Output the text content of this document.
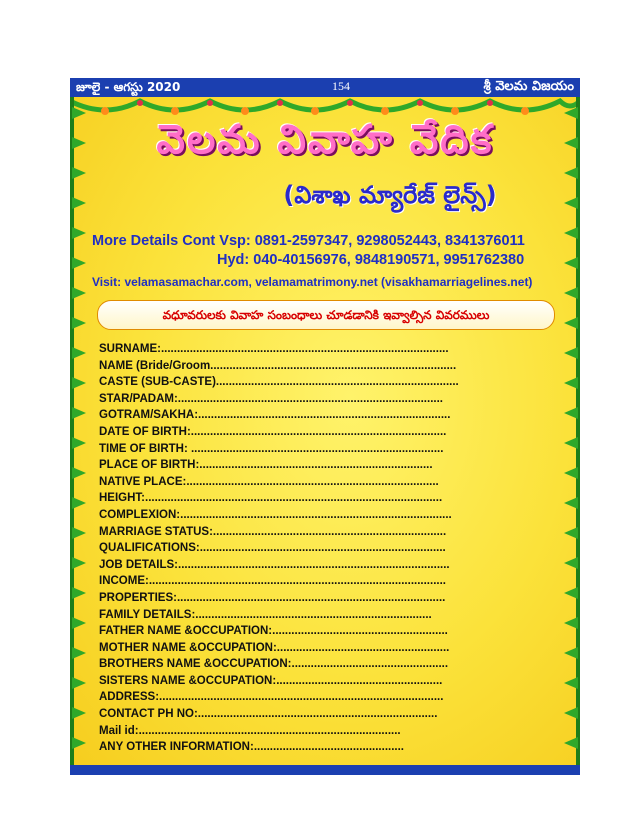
జూలై - ఆగస్టు 2020	154	శ్రీ వెలమ విజయం
వెలమ వివాహ వేదిక
(విశాఖ మ్యారేజ్ లైన్స్)
More Details Cont Vsp: 0891-2597347, 9298052443, 8341376011
Hyd: 040-40156976, 9848190571, 9951762380
Visit: velamasamachar.com, velamamatrimony.net (visakhamarriagelines.net)
వధూవరులకు వివాహ సంబంధాలు చూడడానికి ఇవ్వాల్సిన వివరములు
SURNAME:..........................................................................................
NAME (Bride/Groom.............................................................................
CASTE (SUB-CASTE)............................................................................
STAR/PADAM:...................................................................................
GOTRAM/SAKHA:...............................................................................
DATE OF BIRTH:................................................................................
TIME OF BIRTH: ...............................................................................
PLACE OF BIRTH:.........................................................................
NATIVE PLACE:...............................................................................
HEIGHT:.............................................................................................
COMPLEXION:.....................................................................................
MARRIAGE STATUS:.........................................................................
QUALIFICATIONS:.............................................................................
JOB DETAILS:.....................................................................................
INCOME:.............................................................................................
PROPERTIES:....................................................................................
FAMILY DETAILS:..........................................................................
FATHER NAME &OCCUPATION:.......................................................
MOTHER NAME &OCCUPATION:......................................................
BROTHERS NAME &OCCUPATION:.................................................
SISTERS NAME &OCCUPATION:....................................................
ADDRESS:.........................................................................................
CONTACT PH NO:...........................................................................
Mail id:..................................................................................
ANY OTHER INFORMATION:...............................................
